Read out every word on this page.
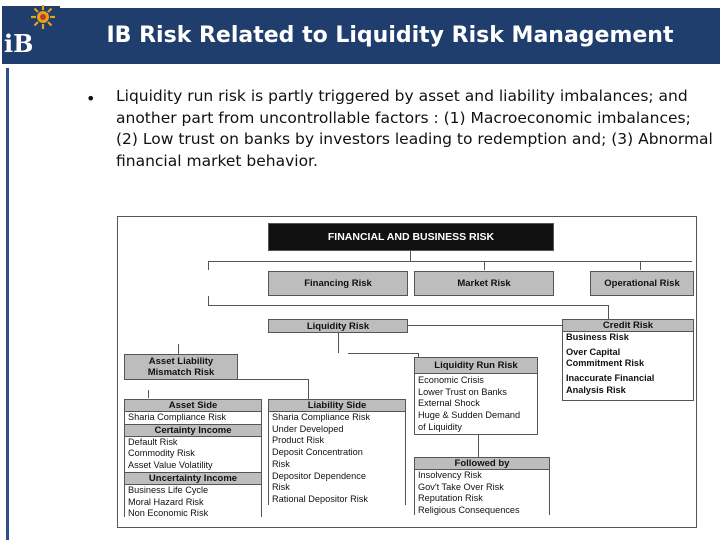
IB Risk Related to Liquidity Risk Management
iB
•	Liquidity run risk is partly triggered by asset and liability imbalances; and another part from uncontrollable factors : (1) Macroeconomic imbalances; (2) Low trust on banks by investors leading to redemption and; (3) Abnormal financial market behavior.
FINANCIAL AND BUSINESS RISK
Financing Risk	Market Risk	Operational Risk
Liquidity Risk	Credit Risk
Business Risk
Over Capital
Commitment Risk
Inaccurate Financial
Analysis Risk
Asset Liability
Mismatch Risk
Liquidity Run Risk
Economic Crisis
Lower Trust on Banks
External Shock
Huge & Sudden Demand
of Liquidity
Asset Side
Sharia Compliance Risk
Certainty Income
Default Risk
Commodity Risk
Asset Value Volatility
Uncertainty Income
Business Life Cycle
Moral Hazard Risk
Non Economic Risk
Liability Side
Sharia Compliance Risk
Under Developed
Product Risk
Deposit Concentration
Risk
Depositor Dependence
Risk
Rational Depositor Risk
Followed by
Insolvency Risk
Gov't Take Over Risk
Reputation Risk
Religious Consequences
